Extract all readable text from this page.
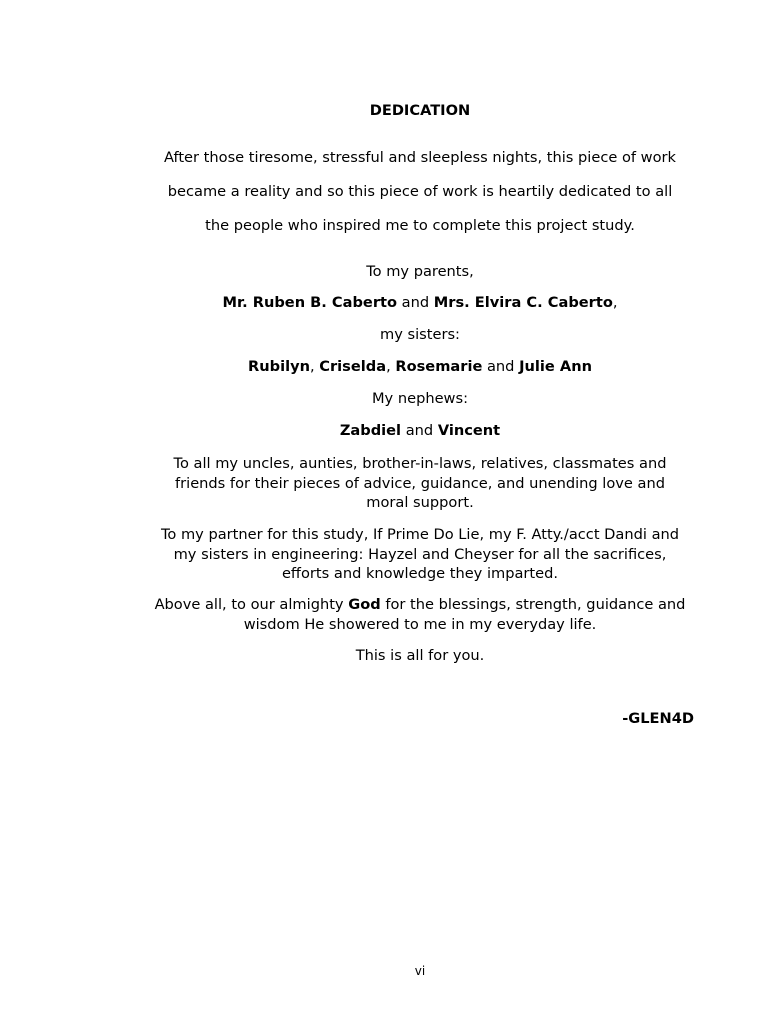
DEDICATION
After those tiresome, stressful and sleepless nights, this piece of work
became a reality and so this piece of work is heartily dedicated to all
the people who inspired me to complete this project study.
To my parents,
Mr. Ruben B. Caberto and Mrs. Elvira C. Caberto,
my sisters:
Rubilyn, Criselda, Rosemarie and Julie Ann
My nephews:
Zabdiel and Vincent
To all my uncles, aunties, brother-in-laws, relatives, classmates and friends for their pieces of advice, guidance, and unending love and moral support.
To my partner for this study, If Prime Do Lie, my F. Atty./acct Dandi and my sisters in engineering: Hayzel and Cheyser for all the sacrifices, efforts and knowledge they imparted.
Above all, to our almighty God for the blessings, strength, guidance and wisdom He showered to me in my everyday life.
This is all for you.
-GLEN4D
vi
